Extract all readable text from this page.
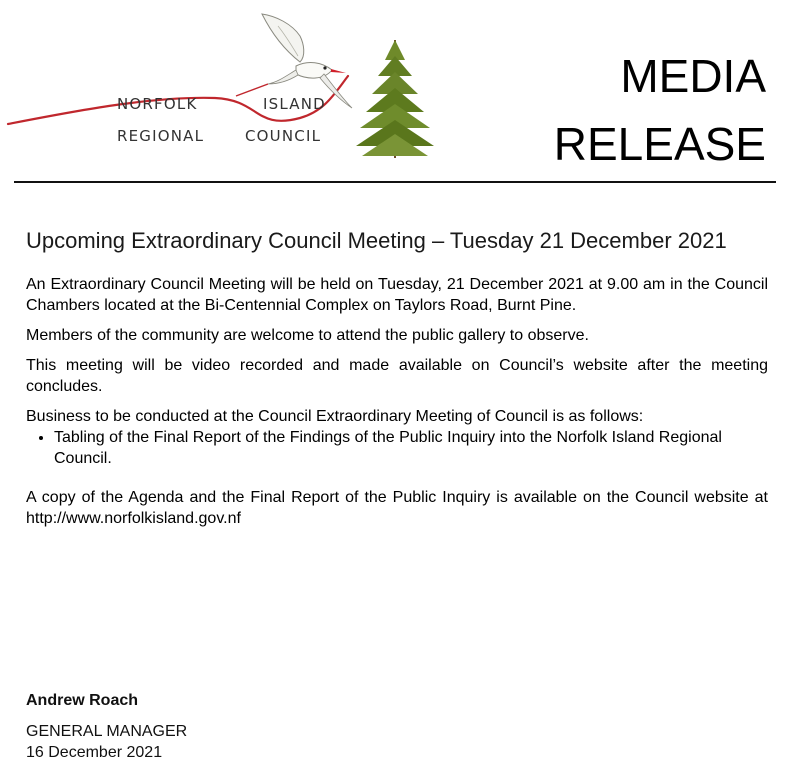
NORFOLK	ISLAND
REGIONAL	COUNCIL
MEDIA
RELEASE
Upcoming Extraordinary Council Meeting – Tuesday 21 December 2021

An Extraordinary Council Meeting will be held on Tuesday, 21 December 2021 at 9.00 am in the Council Chambers located at the Bi-Centennial Complex on Taylors Road, Burnt Pine.

Members of the community are welcome to attend the public gallery to observe.

This meeting will be video recorded and made available on Council’s website after the meeting concludes.

Business to be conducted at the Council Extraordinary Meeting of Council is as follows:

• Tabling of the Final Report of the Findings of the Public Inquiry into the Norfolk Island Regional Council.

A copy of the Agenda and the Final Report of the Public Inquiry is available on the Council website at http://www.norfolkisland.gov.nf

Andrew Roach
GENERAL MANAGER
16 December 2021
